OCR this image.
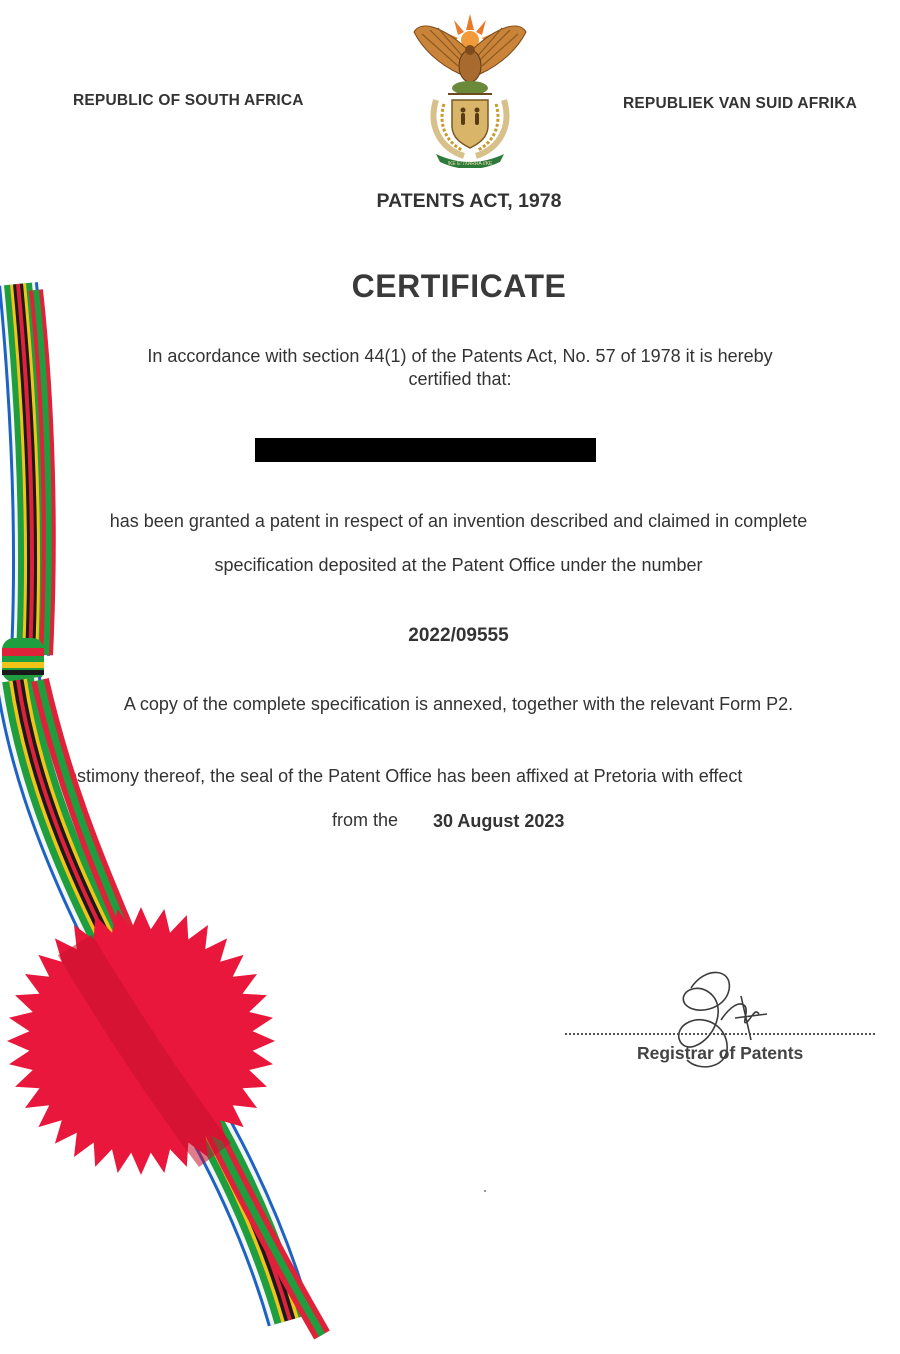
REPUBLIC OF SOUTH AFRICA	REPUBLIEK VAN SUID AFRIKA
!KE E: /XARRA //KE
PATENTS ACT, 1978
CERTIFICATE
In accordance with section 44(1) of the Patents Act, No. 57 of 1978 it is hereby
certified that:
has been granted a patent in respect of an invention described and claimed in complete
specification deposited at the Patent Office under the number
2022/09555
A copy of the complete specification is annexed, together with the relevant Form P2.
testimony thereof, the seal of the Patent Office has been affixed at Pretoria with effect
from the 30 August 2023
Registrar of Patents
